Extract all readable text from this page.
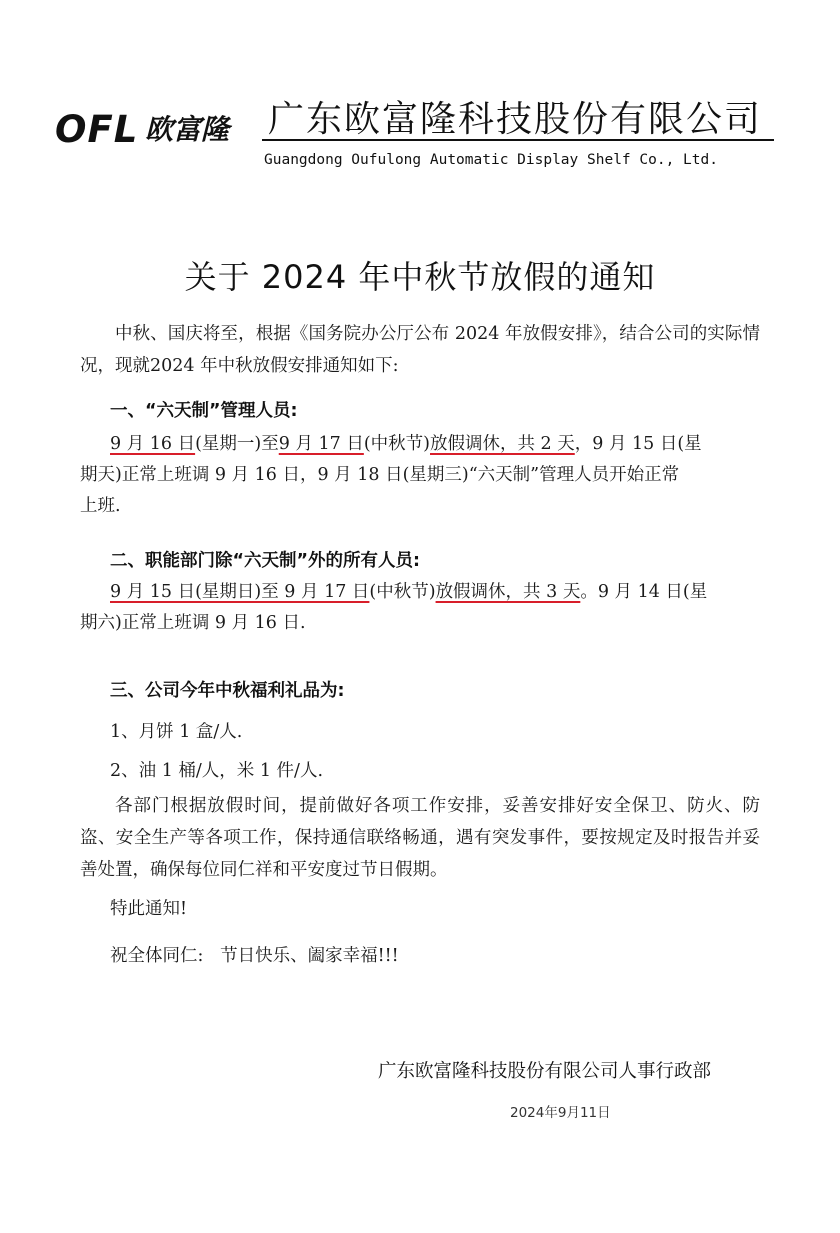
OFL 欧富隆 广东欧富隆科技股份有限公司
Guangdong Oufulong Automatic Display Shelf Co., Ltd.
关于 2024 年中秋节放假的通知
中秋、国庆将至，根据《国务院办公厅公布 2024 年放假安排》，结合公司的实际情况，现就2024 年中秋放假安排通知如下:
一、“六天制”管理人员:
9 月 16 日(星期一)至9 月 17 日(中秋节)放假调休，共 2 天，9 月 15 日(星
期天)正常上班调 9 月 16 日，9 月 18 日(星期三)“六天制”管理人员开始正常
上班.
二、职能部门除“六天制”外的所有人员:
9 月 15 日(星期日)至 9 月 17 日(中秋节)放假调休，共 3 天。9 月 14 日(星
期六)正常上班调 9 月 16 日.
三、公司今年中秋福利礼品为:
1、月饼 1 盒/人.
2、油 1 桶/人，米 1 件/人.
各部门根据放假时间，提前做好各项工作安排，妥善安排好安全保卫、防火、防盗、安全生产等各项工作，保持通信联络畅通，遇有突发事件，要按规定及时报告并妥善处置，确保每位同仁祥和平安度过节日假期。
特此通知!
祝全体同仁:   节日快乐、阖家幸福!!!
广东欧富隆科技股份有限公司人事行政部
2024年9月11日
